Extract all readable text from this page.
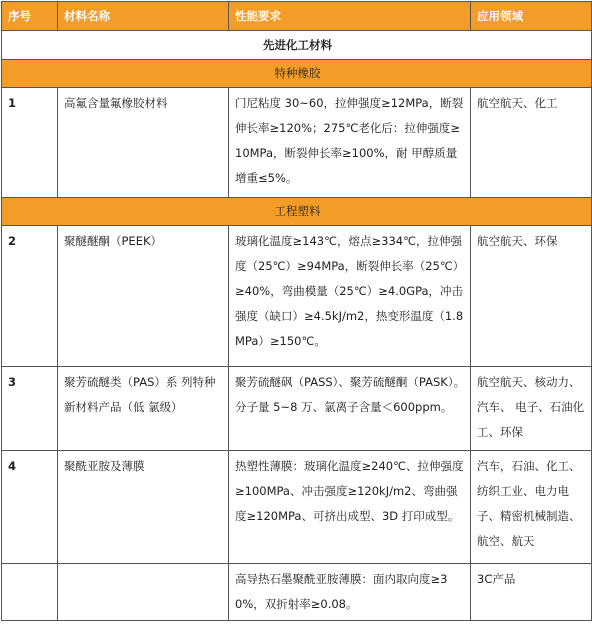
序号	材料名称	性能要求	应用领域
先进化工材料			
特种橡胶			
1	高氟含量氟橡胶材料	门尼粘度 30~60，拉伸强度≥12MPa，断裂伸长率≥120%；275℃老化后：拉伸强度≥10MPa，断裂伸长率≥100%，耐 甲醇质量增重≤5%。	航空航天、化工
工程塑料			
2	聚醚醚酮（PEEK）	玻璃化温度≥143℃，熔点≥334℃，拉伸强度（25℃）≥94MPa，断裂伸长率（25℃）≥40%，弯曲模量（25℃）≥4.0GPa，冲击强度（缺口）≥4.5kJ/m2，热变形温度（1.8MPa）≥150℃。	航空航天、环保
3	聚芳硫醚类（PAS）系 列特种新材料产品（低 氯级）	聚芳硫醚砜（PASS）、聚芳硫醚酮（PASK）。分子量 5~8 万、氯离子含量＜600ppm。	航空航天、核动力、汽车、 电子、石油化工、环保
4	聚酰亚胺及薄膜	热塑性薄膜：玻璃化温度≥240℃、拉伸强度≥100MPa、冲击强度≥120kJ/m2、弯曲强度≥120MPa、可挤出成型、3D 打印成型。	汽车，石油、化工、纺织工业、电力电子、精密机械制造、航空、航天
		高导热石墨聚酰亚胺薄膜：面内取向度≥30%，双折射率≥0.08。	3C产品
